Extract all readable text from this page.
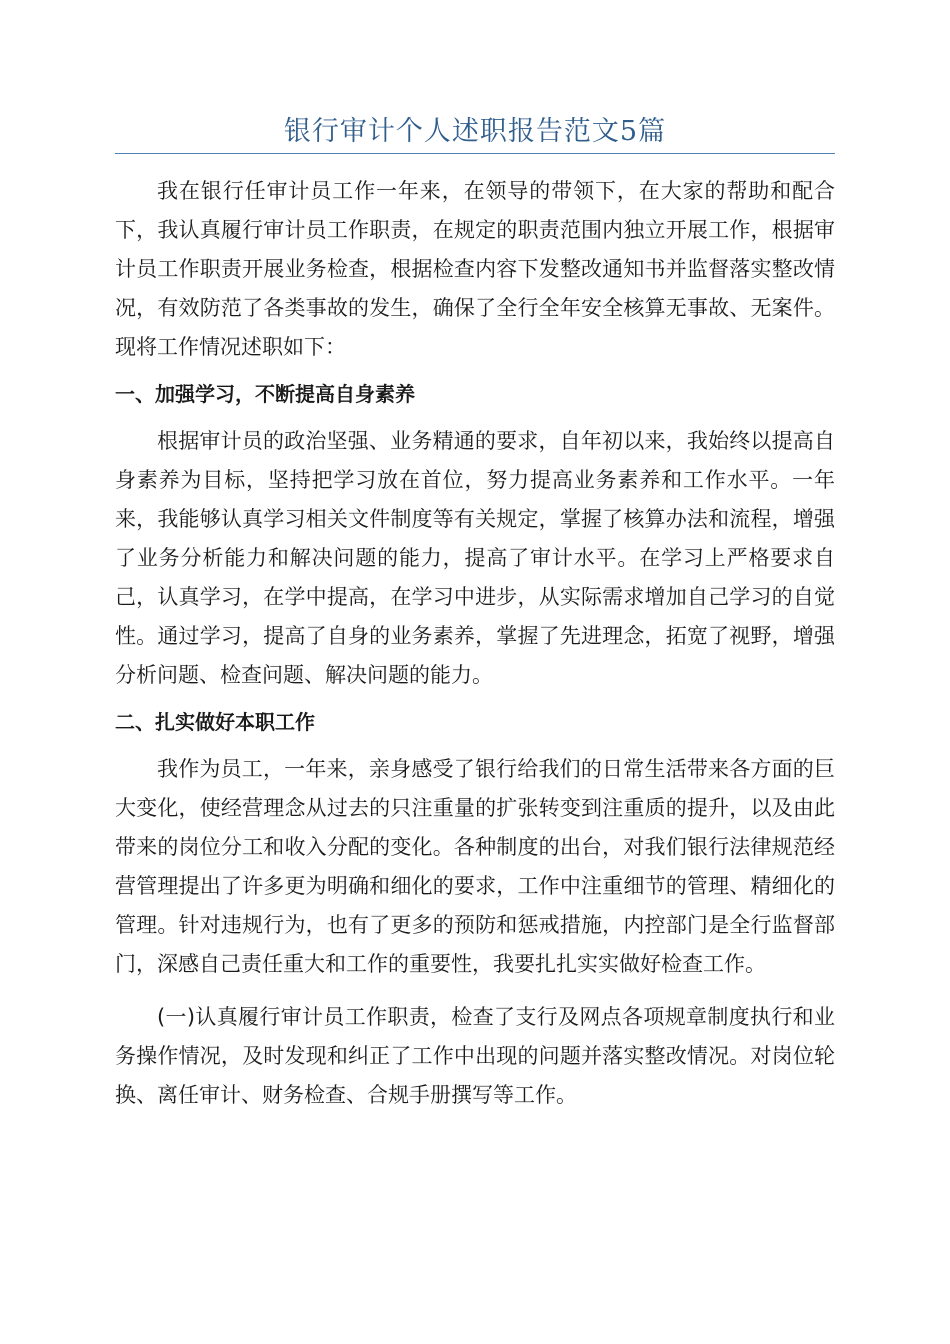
银行审计个人述职报告范文5篇

我在银行任审计员工作一年来，在领导的带领下，在大家的帮助和配合下，我认真履行审计员工作职责，在规定的职责范围内独立开展工作，根据审计员工作职责开展业务检查，根据检查内容下发整改通知书并监督落实整改情况，有效防范了各类事故的发生，确保了全行全年安全核算无事故、无案件。现将工作情况述职如下：

一、加强学习，不断提高自身素养

根据审计员的政治坚强、业务精通的要求，自年初以来，我始终以提高自身素养为目标，坚持把学习放在首位，努力提高业务素养和工作水平。一年来，我能够认真学习相关文件制度等有关规定，掌握了核算办法和流程，增强了业务分析能力和解决问题的能力，提高了审计水平。在学习上严格要求自己，认真学习，在学中提高，在学习中进步，从实际需求增加自己学习的自觉性。通过学习，提高了自身的业务素养，掌握了先进理念，拓宽了视野，增强分析问题、检查问题、解决问题的能力。

二、扎实做好本职工作

我作为员工，一年来，亲身感受了银行给我们的日常生活带来各方面的巨大变化，使经营理念从过去的只注重量的扩张转变到注重质的提升，以及由此带来的岗位分工和收入分配的变化。各种制度的出台，对我们银行法律规范经营管理提出了许多更为明确和细化的要求，工作中注重细节的管理、精细化的管理。针对违规行为，也有了更多的预防和惩戒措施，内控部门是全行监督部门，深感自己责任重大和工作的重要性，我要扎扎实实做好检查工作。

(一)认真履行审计员工作职责，检查了支行及网点各项规章制度执行和业务操作情况，及时发现和纠正了工作中出现的问题并落实整改情况。对岗位轮换、离任审计、财务检查、合规手册撰写等工作。
